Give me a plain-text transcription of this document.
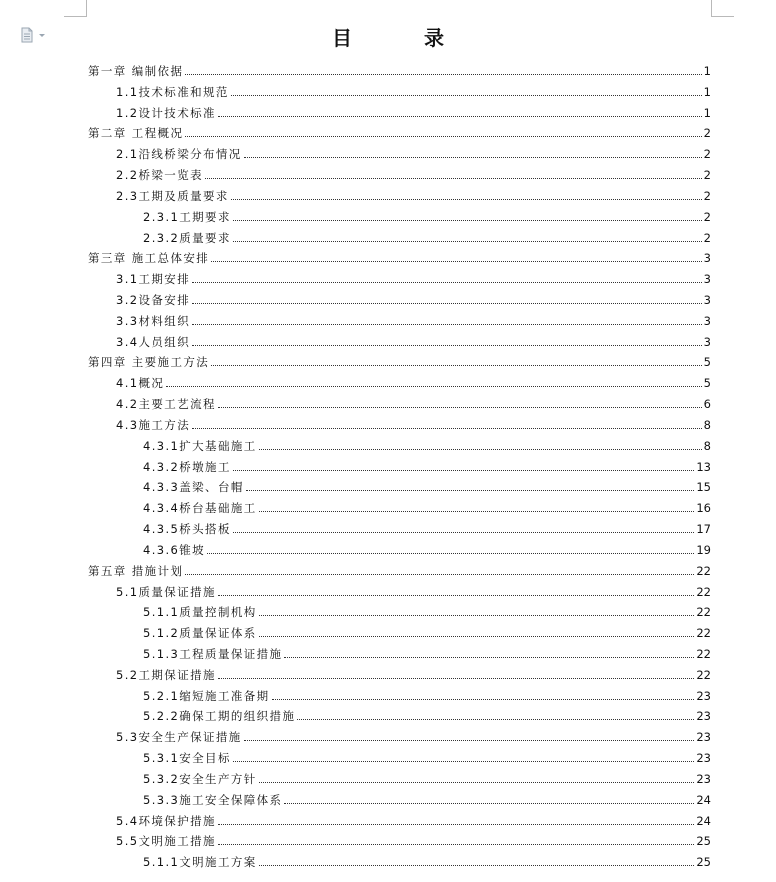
目　录
第一章 编制依据	1
1.1技术标准和规范	1
1.2设计技术标准	1
第二章 工程概况	2
2.1沿线桥梁分布情况	2
2.2桥梁一览表	2
2.3工期及质量要求	2
2.3.1工期要求	2
2.3.2质量要求	2
第三章 施工总体安排	3
3.1工期安排	3
3.2设备安排	3
3.3材料组织	3
3.4人员组织	3
第四章 主要施工方法	5
4.1概况	5
4.2主要工艺流程	6
4.3施工方法	8
4.3.1扩大基础施工	8
4.3.2桥墩施工	13
4.3.3盖梁、台帽	15
4.3.4桥台基础施工	16
4.3.5桥头搭板	17
4.3.6锥坡	19
第五章 措施计划	22
5.1质量保证措施	22
5.1.1质量控制机构	22
5.1.2质量保证体系	22
5.1.3工程质量保证措施	22
5.2工期保证措施	22
5.2.1缩短施工准备期	23
5.2.2确保工期的组织措施	23
5.3安全生产保证措施	23
5.3.1安全目标	23
5.3.2安全生产方针	23
5.3.3施工安全保障体系	24
5.4环境保护措施	24
5.5文明施工措施	25
5.1.1文明施工方案	25
